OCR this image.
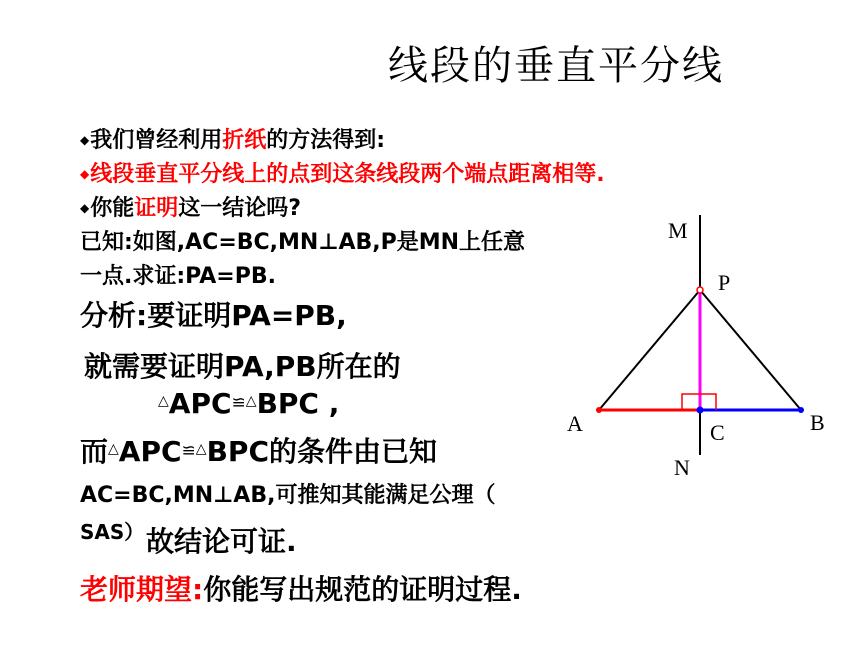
线段的垂直平分线
◆我们曾经利用折纸的方法得到:
◆线段垂直平分线上的点到这条线段两个端点距离相等.
◆你能证明这一结论吗?
已知:如图,AC=BC,MN⊥AB,P是MN上任意
一点.求证:PA=PB.
分析:要证明PA=PB,
就需要证明PA,PB所在的
△APC≌△BPC ,
而△APC≌△BPC的条件由已知
AC=BC,MN⊥AB,可推知其能满足公理（
SAS） 故结论可证.
老师期望:你能写出规范的证明过程.
M
P
A	C	B
N
